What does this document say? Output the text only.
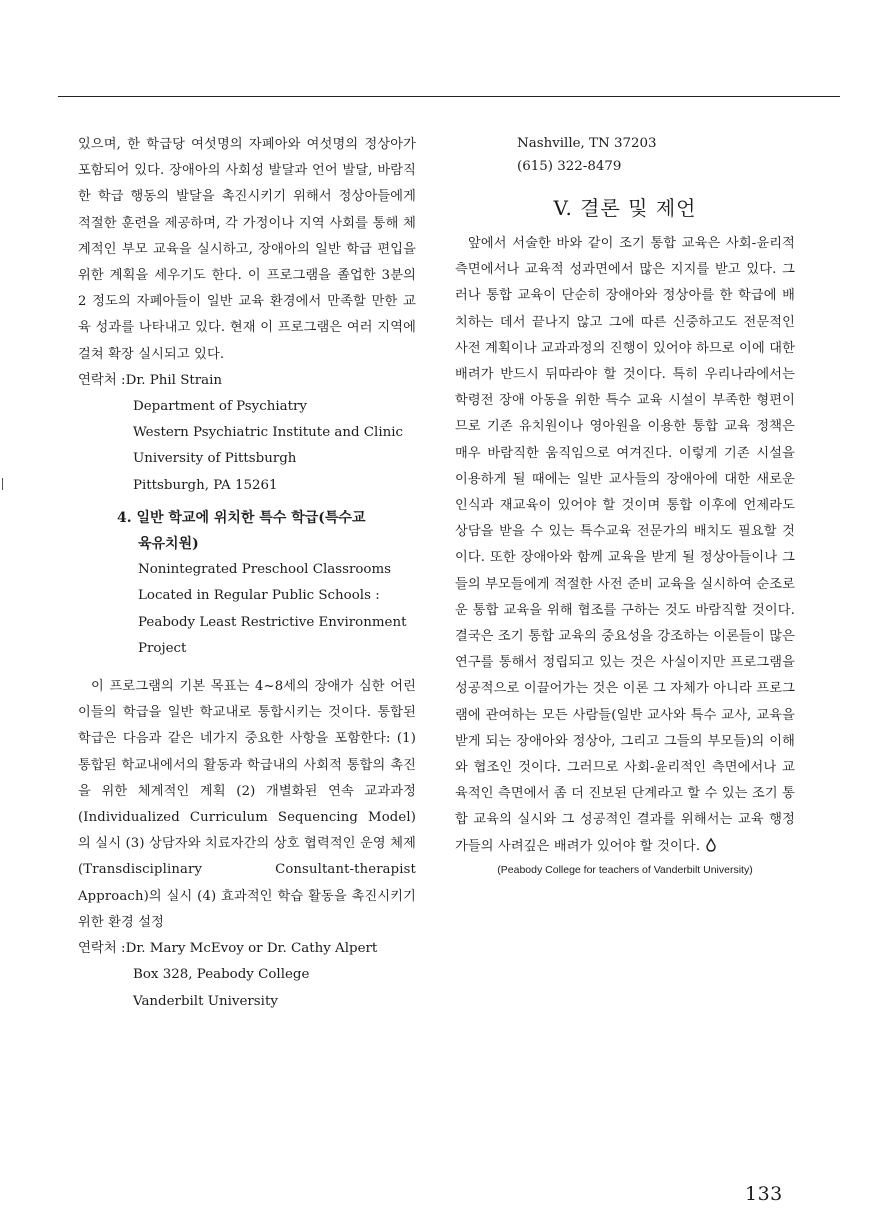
있으며, 한 학급당 여섯명의 자폐아와 여섯명의 정상아가 포함되어 있다. 장애아의 사회성 발달과 언어 발달, 바람직한 학급 행동의 발달을 촉진시키기 위해서 정상아들에게 적절한 훈련을 제공하며, 각 가정이나 지역 사회를 통해 체계적인 부모 교육을 실시하고, 장애아의 일반 학급 편입을 위한 계획을 세우기도 한다. 이 프로그램을 졸업한 3분의 2 정도의 자폐아들이 일반 교육 환경에서 만족할 만한 교육 성과를 나타내고 있다. 현재 이 프로그램은 여러 지역에 걸쳐 확장 실시되고 있다.

연락처 :Dr. Phil Strain
Department of Psychiatry
Western Psychiatric Institute and Clinic
University of Pittsburgh
Pittsburgh, PA 15261

4. 일반 학교에 위치한 특수 학급(특수교
육유치원)

Nonintegrated Preschool Classrooms
Located in Regular Public Schools :
Peabody Least Restrictive Environment
Project

이 프로그램의 기본 목표는 4~8세의 장애가 심한 어린이들의 학급을 일반 학교내로 통합시키는 것이다. 통합된 학급은 다음과 같은 네가지 중요한 사항을 포함한다: (1) 통합된 학교내에서의 활동과 학급내의 사회적 통합의 촉진을 위한 체계적인 계획 (2) 개별화된 연속 교과과정 (Individualized Curriculum Sequencing Model) 의 실시 (3) 상담자와 치료자간의 상호 협력적인 운영 체제(Transdisciplinary Consultant-therapist Approach)의 실시 (4) 효과적인 학습 활동을 촉진시키기 위한 환경 설정

연락처 :Dr. Mary McEvoy or Dr. Cathy Alpert
Box 328, Peabody College
Vanderbilt University

Nashville, TN 37203
(615) 322-8479

V. 결론 및 제언

앞에서 서술한 바와 같이 조기 통합 교육은 사회-윤리적 측면에서나 교육적 성과면에서 많은 지지를 받고 있다. 그러나 통합 교육이 단순히 장애아와 정상아를 한 학급에 배치하는 데서 끝나지 않고 그에 따른 신중하고도 전문적인 사전 계획이나 교과과정의 진행이 있어야 하므로 이에 대한 배려가 반드시 뒤따라야 할 것이다. 특히 우리나라에서는 학령전 장애 아동을 위한 특수 교육 시설이 부족한 형편이므로 기존 유치원이나 영아원을 이용한 통합 교육 정책은 매우 바람직한 움직임으로 여겨진다. 이렇게 기존 시설을 이용하게 될 때에는 일반 교사들의 장애아에 대한 새로운 인식과 재교육이 있어야 할 것이며 통합 이후에 언제라도 상담을 받을 수 있는 특수교육 전문가의 배치도 필요할 것이다. 또한 장애아와 함께 교육을 받게 될 정상아들이나 그들의 부모들에게 적절한 사전 준비 교육을 실시하여 순조로운 통합 교육을 위해 협조를 구하는 것도 바람직할 것이다. 결국은 조기 통합 교육의 중요성을 강조하는 이론들이 많은 연구를 통해서 정립되고 있는 것은 사실이지만 프로그램을 성공적으로 이끌어가는 것은 이론 그 자체가 아니라 프로그램에 관여하는 모든 사람들(일반 교사와 특수 교사, 교육을 받게 되는 장애아와 정상아, 그리고 그들의 부모들)의 이해와 협조인 것이다. 그러므로 사회-윤리적인 측면에서나 교육적인 측면에서 좀 더 진보된 단계라고 할 수 있는 조기 통합 교육의 실시와 그 성공적인 결과를 위해서는 교육 행정가들의 사려깊은 배려가 있어야 할 것이다.

(Peabody College for teachers of Vanderbilt University)

133
